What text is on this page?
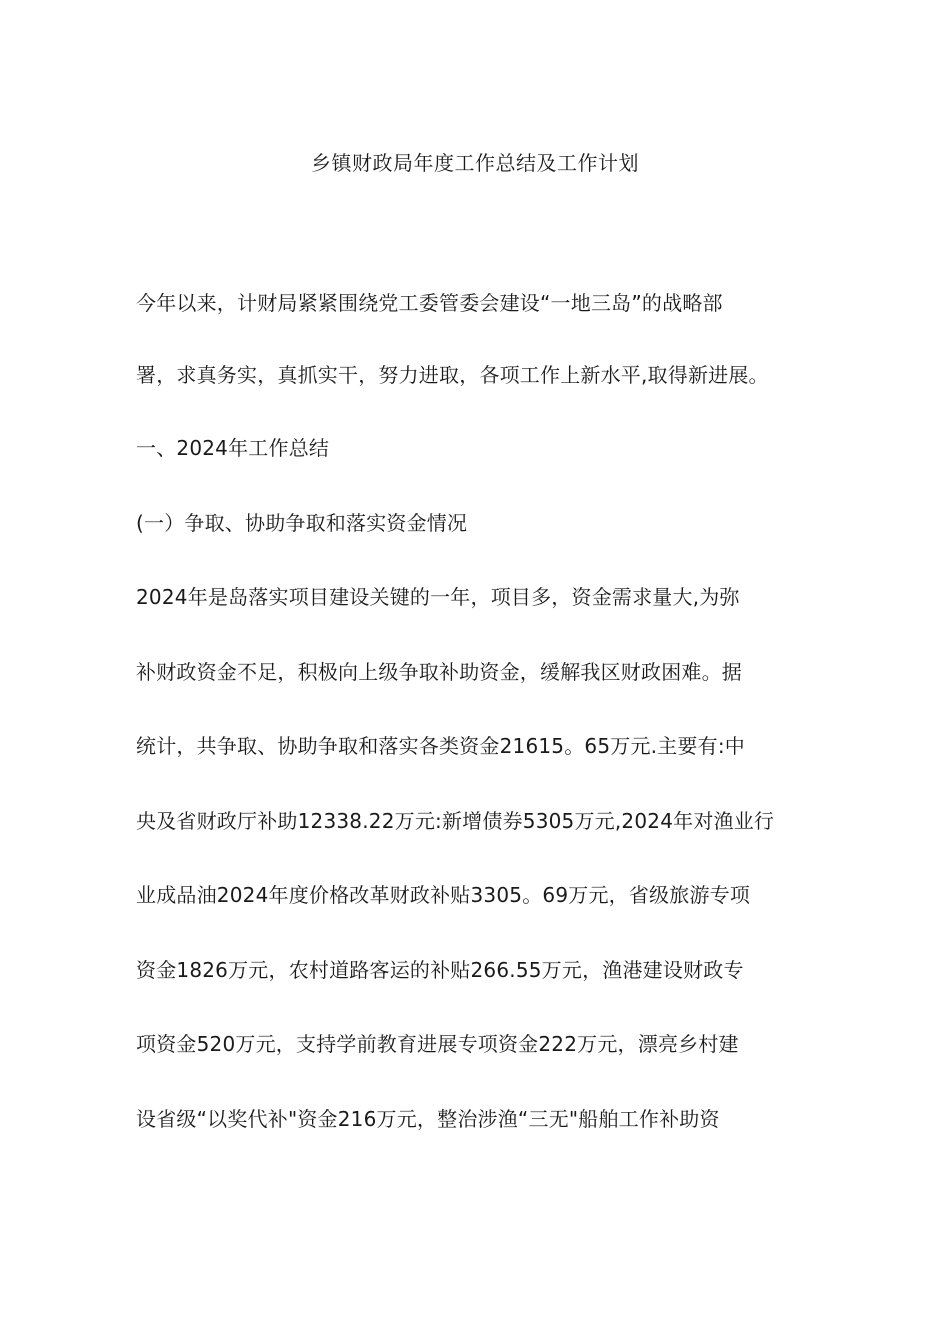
乡镇财政局年度工作总结及工作计划
今年以来，计财局紧紧围绕党工委管委会建设“一地三岛”的战略部
署，求真务实，真抓实干，努力进取，各项工作上新水平,取得新进展。
一、2024年工作总结
(一）争取、协助争取和落实资金情况
2024年是岛落实项目建设关键的一年，项目多，资金需求量大,为弥
补财政资金不足，积极向上级争取补助资金，缓解我区财政困难。据
统计，共争取、协助争取和落实各类资金21615。65万元.主要有:中
央及省财政厅补助12338.22万元:新增债券5305万元,2024年对渔业行
业成品油2024年度价格改革财政补贴3305。69万元，省级旅游专项
资金1826万元，农村道路客运的补贴266.55万元，渔港建设财政专
项资金520万元，支持学前教育进展专项资金222万元，漂亮乡村建
设省级“以奖代补"资金216万元，整治涉渔“三无"船舶工作补助资
